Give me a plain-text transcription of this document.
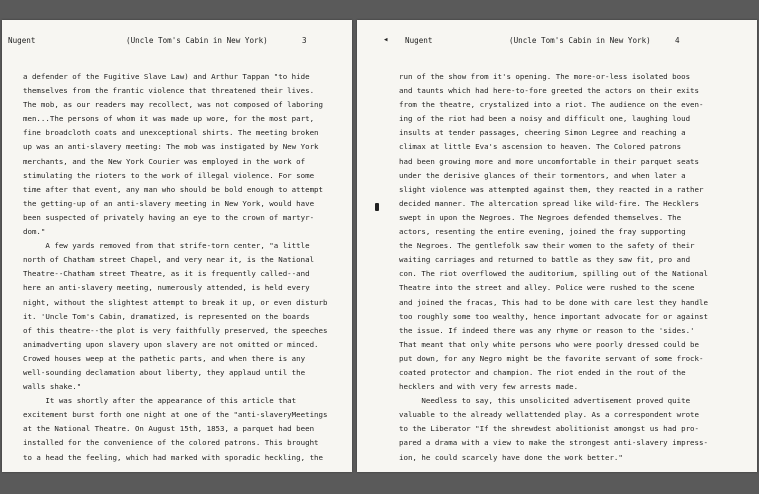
Nugent

	(Uncle Tom's Cabin in New York)

	3

a defender of the Fugitive Slave Law) and Arthur Tappan "to hide
themselves from the frantic violence that threatened their lives.
The mob, as our readers may recollect, was not composed of laboring
men...The persons of whom it was made up wore, for the most part,
fine broadcloth coats and unexceptional shirts. The meeting broken
up was an anti-slavery meeting: The mob was instigated by New York
merchants, and the New York Courier was employed in the work of
stimulating the rioters to the work of illegal violence. For some
time after that event, any man who should be bold enough to attempt
the getting-up of an anti-slavery meeting in New York, would have
been suspected of privately having an eye to the crown of martyr-
dom."
A few yards removed from that strife-torn center, "a little
north of Chatham street Chapel, and very near it, is the National
Theatre--Chatham street Theatre, as it is frequently called--and
here an anti-slavery meeting, numerously attended, is held every
night, without the slightest attempt to break it up, or even disturb
it. 'Uncle Tom's Cabin, dramatized, is represented on the boards
of this theatre--the plot is very faithfully preserved, the speeches
animadverting upon slavery upon slavery are not omitted or minced.
Crowed houses weep at the pathetic parts, and when there is any
well-sounding declamation about liberty, they applaud until the
walls shake."
It was shortly after the appearance of this article that
excitement burst forth one night at one of the "anti-slaveryMeetings
at the National Theatre. On August 15th, 1853, a parquet had been
installed for the convenience of the colored patrons. This brought
to a head the feeling, which had marked with sporadic heckling, the
◂

Nugent

	(Uncle Tom's Cabin in New York)

	4

run of the show from it's opening. The more-or-less isolated boos
and taunts which had here-to-fore greeted the actors on their exits
from the theatre, crystalized into a riot. The audience on the even-
ing of the riot had been a noisy and difficult one, laughing loud
insults at tender passages, cheering Simon Legree and reaching a
climax at little Eva's ascension to heaven. The Colored patrons
had been growing more and more uncomfortable in their parquet seats
under the derisive glances of their tormentors, and when later a
slight violence was attempted against them, they reacted in a rather
decided manner. The altercation spread like wild-fire. The Hecklers
swept in upon the Negroes. The Negroes defended themselves. The
actors, resenting the entire evening, joined the fray supporting
the Negroes. The gentlefolk saw their women to the safety of their
waiting carriages and returned to battle as they saw fit, pro and
con. The riot overflowed the auditorium, spilling out of the National
Theatre into the street and alley. Police were rushed to the scene
and joined the fracas, This had to be done with care lest they handle
too roughly some too wealthy, hence important advocate for or against
the issue. If indeed there was any rhyme or reason to the 'sides.'
That meant that only white persons who were poorly dressed could be
put down, for any Negro might be the favorite servant of some frock-
coated protector and champion. The riot ended in the rout of the
hecklers and with very few arrests made.
Needless to say, this unsolicited advertisement proved quite
valuable to the already wellattended play. As a correspondent wrote
to the Liberator "If the shrewdest abolitionist amongst us had pro-
pared a drama with a view to make the strongest anti-slavery impress-
ion, he could scarcely have done the work better."
